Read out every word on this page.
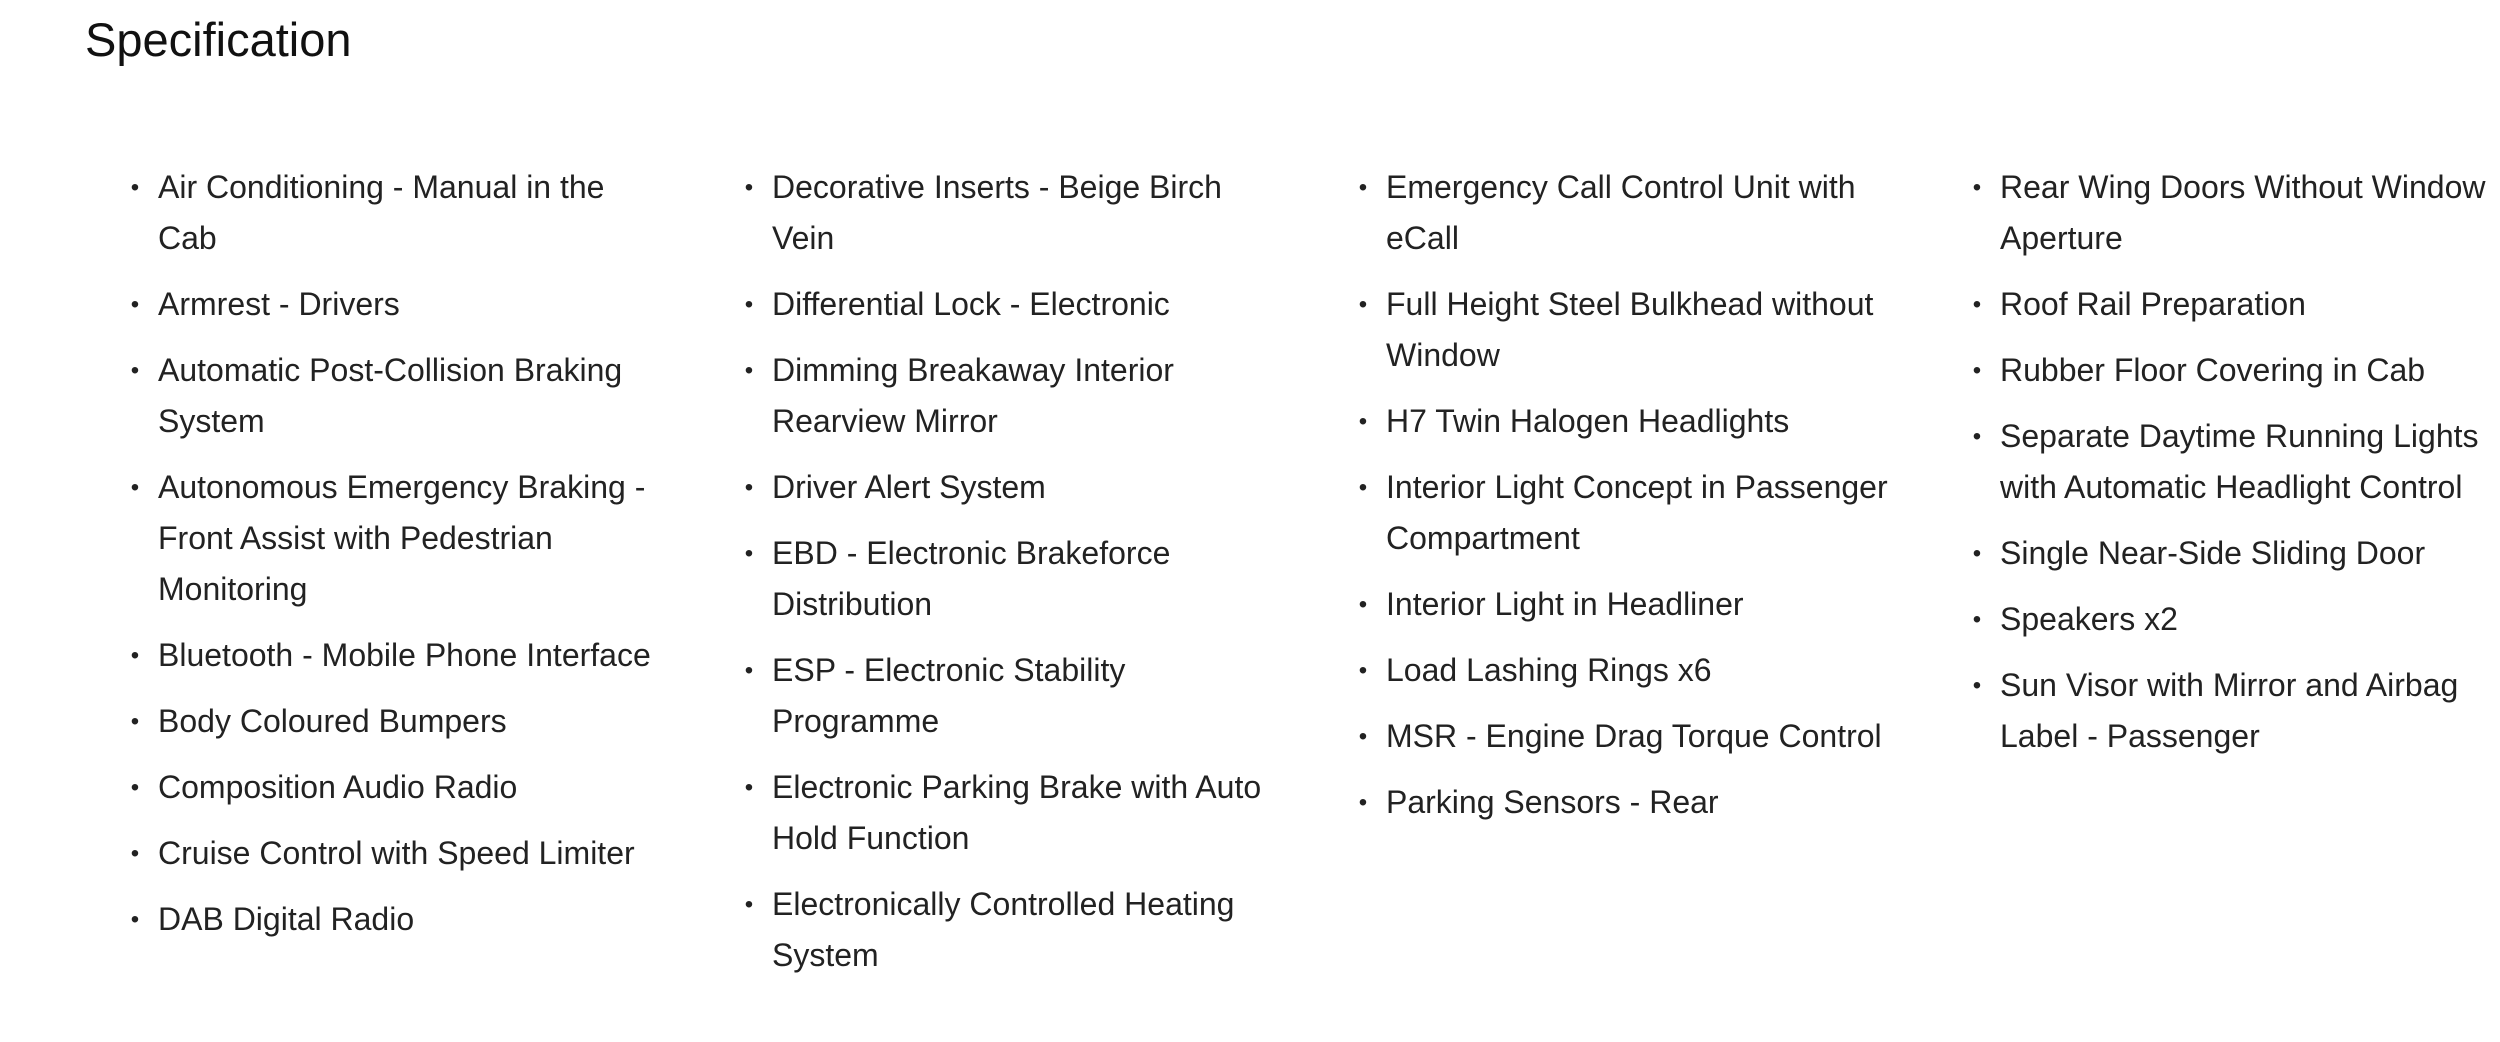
Specification
• Air Conditioning - Manual in the Cab
• Armrest - Drivers
• Automatic Post-Collision Braking System
• Autonomous Emergency Braking - Front Assist with Pedestrian Monitoring
• Bluetooth - Mobile Phone Interface
• Body Coloured Bumpers
• Composition Audio Radio
• Cruise Control with Speed Limiter
• DAB Digital Radio
• Decorative Inserts - Beige Birch Vein
• Differential Lock - Electronic
• Dimming Breakaway Interior Rearview Mirror
• Driver Alert System
• EBD - Electronic Brakeforce Distribution
• ESP - Electronic Stability Programme
• Electronic Parking Brake with Auto Hold Function
• Electronically Controlled Heating System
• Emergency Call Control Unit with eCall
• Full Height Steel Bulkhead without Window
• H7 Twin Halogen Headlights
• Interior Light Concept in Passenger Compartment
• Interior Light in Headliner
• Load Lashing Rings x6
• MSR - Engine Drag Torque Control
• Parking Sensors - Rear
• Rear Wing Doors Without Window Aperture
• Roof Rail Preparation
• Rubber Floor Covering in Cab
• Separate Daytime Running Lights with Automatic Headlight Control
• Single Near-Side Sliding Door
• Speakers x2
• Sun Visor with Mirror and Airbag Label - Passenger
